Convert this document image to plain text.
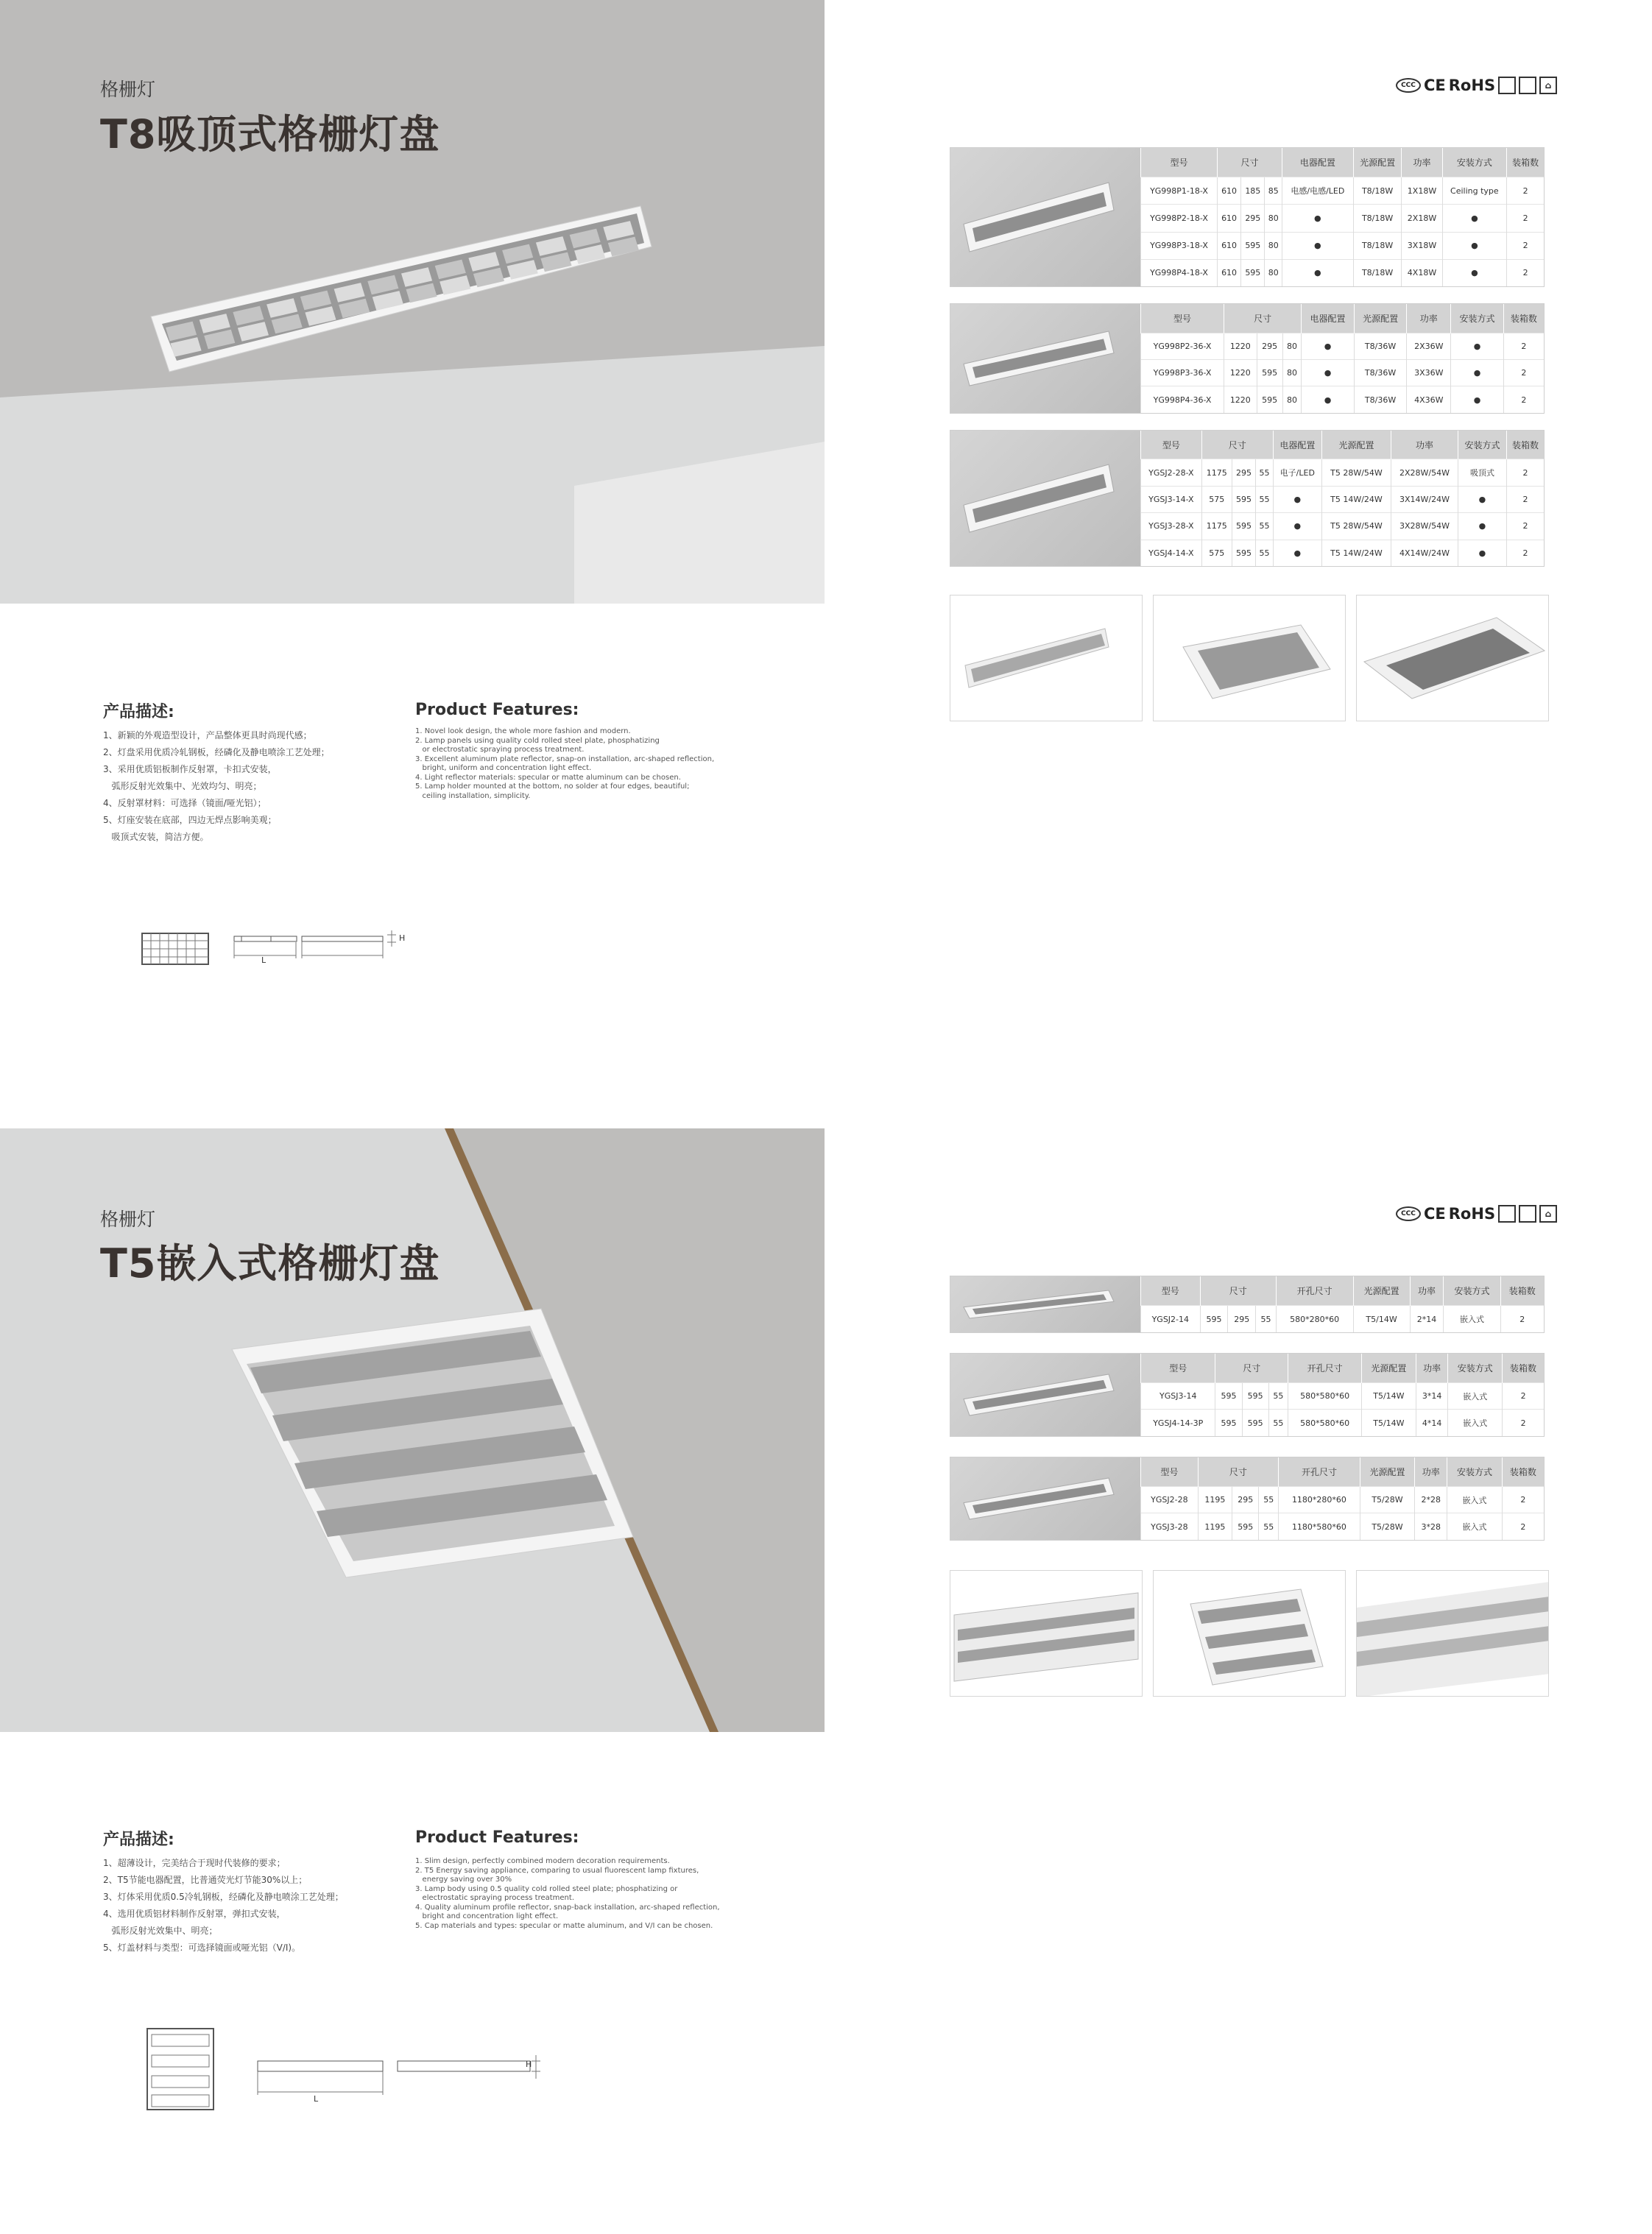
格栅灯
T8吸顶式格栅灯盘
CCC CE RoHS	⌂
型号	尺寸			电器配置	光源配置	功率	安装方式	装箱数
YG998P1-18-X	610	185	85	电感/电感/LED	T8/18W	1X18W	Ceiling type	2
YG998P2-18-X	610	295	80	●	T8/18W	2X18W	●	2
YG998P3-18-X	610	595	80	●	T8/18W	3X18W	●	2
YG998P4-18-X	610	595	80	●	T8/18W	4X18W	●	2
型号	尺寸			电器配置	光源配置	功率	安装方式	装箱数
YG998P2-36-X	1220	295	80	●	T8/36W	2X36W	●	2
YG998P3-36-X	1220	595	80	●	T8/36W	3X36W	●	2
YG998P4-36-X	1220	595	80	●	T8/36W	4X36W	●	2
型号	尺寸			电器配置	光源配置	功率	安装方式	装箱数
YGSJ2-28-X	1175	295	55	电子/LED	T5 28W/54W	2X28W/54W	吸顶式	2
YGSJ3-14-X	575	595	55	●	T5 14W/24W	3X14W/24W	●	2
YGSJ3-28-X	1175	595	55	●	T5 28W/54W	3X28W/54W	●	2
YGSJ4-14-X	575	595	55	●	T5 14W/24W	4X14W/24W	●	2
产品描述:
1、新颖的外观造型设计，产品整体更具时尚现代感；
2、灯盘采用优质冷轧钢板，经磷化及静电喷涂工艺处理；
3、采用优质铝板制作反射罩，卡扣式安装，
弧形反射光效集中、光效均匀、明亮；
4、反射罩材料：可选择（镜面/哑光铝）；
5、灯座安装在底部，四边无焊点影响美观；
吸顶式安装，简洁方便。
Product Features:
1. Novel look design, the whole more fashion and modern.
2. Lamp panels using quality cold rolled steel plate, phosphatizing
or electrostatic spraying process treatment.
3. Excellent aluminum plate reflector, snap-on installation, arc-shaped reflection,
bright, uniform and concentration light effect.
4. Light reflector materials: specular or matte aluminum can be chosen.
5. Lamp holder mounted at the bottom, no solder at four edges, beautiful;
ceiling installation, simplicity.
L
H
格栅灯
T5嵌入式格栅灯盘
CCC CE RoHS	⌂
型号	尺寸			开孔尺寸	光源配置	功率	安装方式	装箱数
YGSJ2-14	595	295	55	580*280*60	T5/14W	2*14	嵌入式	2
型号	尺寸			开孔尺寸	光源配置	功率	安装方式	装箱数
YGSJ3-14	595	595	55	580*580*60	T5/14W	3*14	嵌入式	2
YGSJ4-14-3P	595	595	55	580*580*60	T5/14W	4*14	嵌入式	2
型号	尺寸			开孔尺寸	光源配置	功率	安装方式	装箱数
YGSJ2-28	1195	295	55	1180*280*60	T5/28W	2*28	嵌入式	2
YGSJ3-28	1195	595	55	1180*580*60	T5/28W	3*28	嵌入式	2
产品描述:
1、超薄设计，完美结合于现时代装修的要求；
2、T5节能电器配置，比普通荧光灯节能30%以上；
3、灯体采用优质0.5冷轧钢板，经磷化及静电喷涂工艺处理；
4、选用优质铝材料制作反射罩，弹扣式安装，
弧形反射光效集中、明亮；
5、灯盖材料与类型：可选择镜面或哑光铝（V/I)。
Product Features:
1. Slim design, perfectly combined modern decoration requirements.
2. T5 Energy saving appliance, comparing to usual fluorescent lamp fixtures,
energy saving over 30%
3. Lamp body using 0.5 quality cold rolled steel plate; phosphatizing or
electrostatic spraying process treatment.
4. Quality aluminum profile reflector, snap-back installation, arc-shaped reflection,
bright and concentration light effect.
5. Cap materials and types: specular or matte aluminum, and V/I can be chosen.
L
H
